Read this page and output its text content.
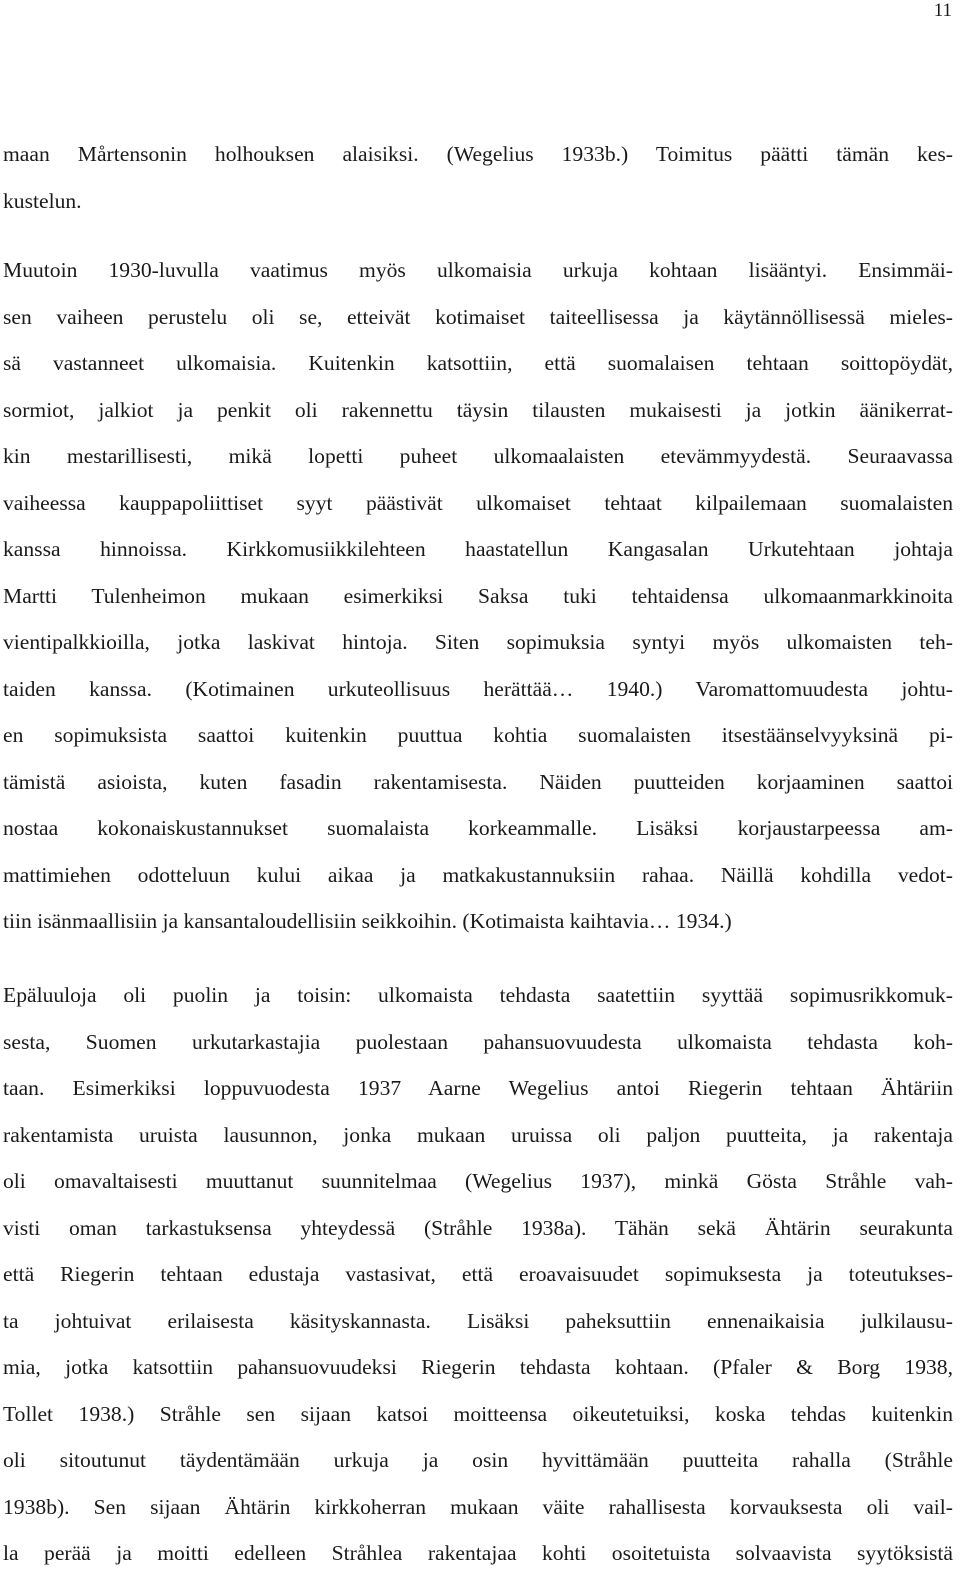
11
maan Mårtensonin holhouksen alaisiksi. (Wegelius 1933b.) Toimitus päätti tämän kes-
kustelun.
Muutoin 1930-luvulla vaatimus myös ulkomaisia urkuja kohtaan lisääntyi. Ensimmäi-
sen vaiheen perustelu oli se, etteivät kotimaiset taiteellisessa ja käytännöllisessä mieles-
sä vastanneet ulkomaisia. Kuitenkin katsottiin, että suomalaisen tehtaan soittopöydät,
sormiot, jalkiot ja penkit oli rakennettu täysin tilausten mukaisesti ja jotkin äänikerrat-
kin mestarillisesti, mikä lopetti puheet ulkomaalaisten etevämmyydestä. Seuraavassa
vaiheessa kauppapoliittiset syyt päästivät ulkomaiset tehtaat kilpailemaan suomalaisten
kanssa hinnoissa. Kirkkomusiikkilehteen haastatellun Kangasalan Urkutehtaan johtaja
Martti Tulenheimon mukaan esimerkiksi Saksa tuki tehtaidensa ulkomaanmarkkinoita
vientipalkkioilla, jotka laskivat hintoja. Siten sopimuksia syntyi myös ulkomaisten teh-
taiden kanssa. (Kotimainen urkuteollisuus herättää… 1940.) Varomattomuudesta johtu-
en sopimuksista saattoi kuitenkin puuttua kohtia suomalaisten itsestäänselvyyksinä pi-
tämistä asioista, kuten fasadin rakentamisesta. Näiden puutteiden korjaaminen saattoi
nostaa kokonaiskustannukset suomalaista korkeammalle. Lisäksi korjaustarpeessa am-
mattimiehen odotteluun kului aikaa ja matkakustannuksiin rahaa. Näillä kohdilla vedot-
tiin isänmaallisiin ja kansantaloudellisiin seikkoihin. (Kotimaista kaihtavia… 1934.)
Epäluuloja oli puolin ja toisin: ulkomaista tehdasta saatettiin syyttää sopimusrikkomuk-
sesta, Suomen urkutarkastajia puolestaan pahansuovuudesta ulkomaista tehdasta koh-
taan. Esimerkiksi loppuvuodesta 1937 Aarne Wegelius antoi Riegerin tehtaan Ähtäriin
rakentamista uruista lausunnon, jonka mukaan uruissa oli paljon puutteita, ja rakentaja
oli omavaltaisesti muuttanut suunnitelmaa (Wegelius 1937), minkä Gösta Stråhle vah-
visti oman tarkastuksensa yhteydessä (Stråhle 1938a). Tähän sekä Ähtärin seurakunta
että Riegerin tehtaan edustaja vastasivat, että eroavaisuudet sopimuksesta ja toteutukses-
ta johtuivat erilaisesta käsityskannasta. Lisäksi paheksuttiin ennenaikaisia julkilausu-
mia, jotka katsottiin pahansuovuudeksi Riegerin tehdasta kohtaan. (Pfaler & Borg 1938,
Tollet 1938.) Stråhle sen sijaan katsoi moitteensa oikeutetuiksi, koska tehdas kuitenkin
oli sitoutunut täydentämään urkuja ja osin hyvittämään puutteita rahalla (Stråhle
1938b). Sen sijaan Ähtärin kirkkoherran mukaan väite rahallisesta korvauksesta oli vail-
la perää ja moitti edelleen Stråhlea rakentajaa kohti osoitetuista solvaavista syytöksistä
